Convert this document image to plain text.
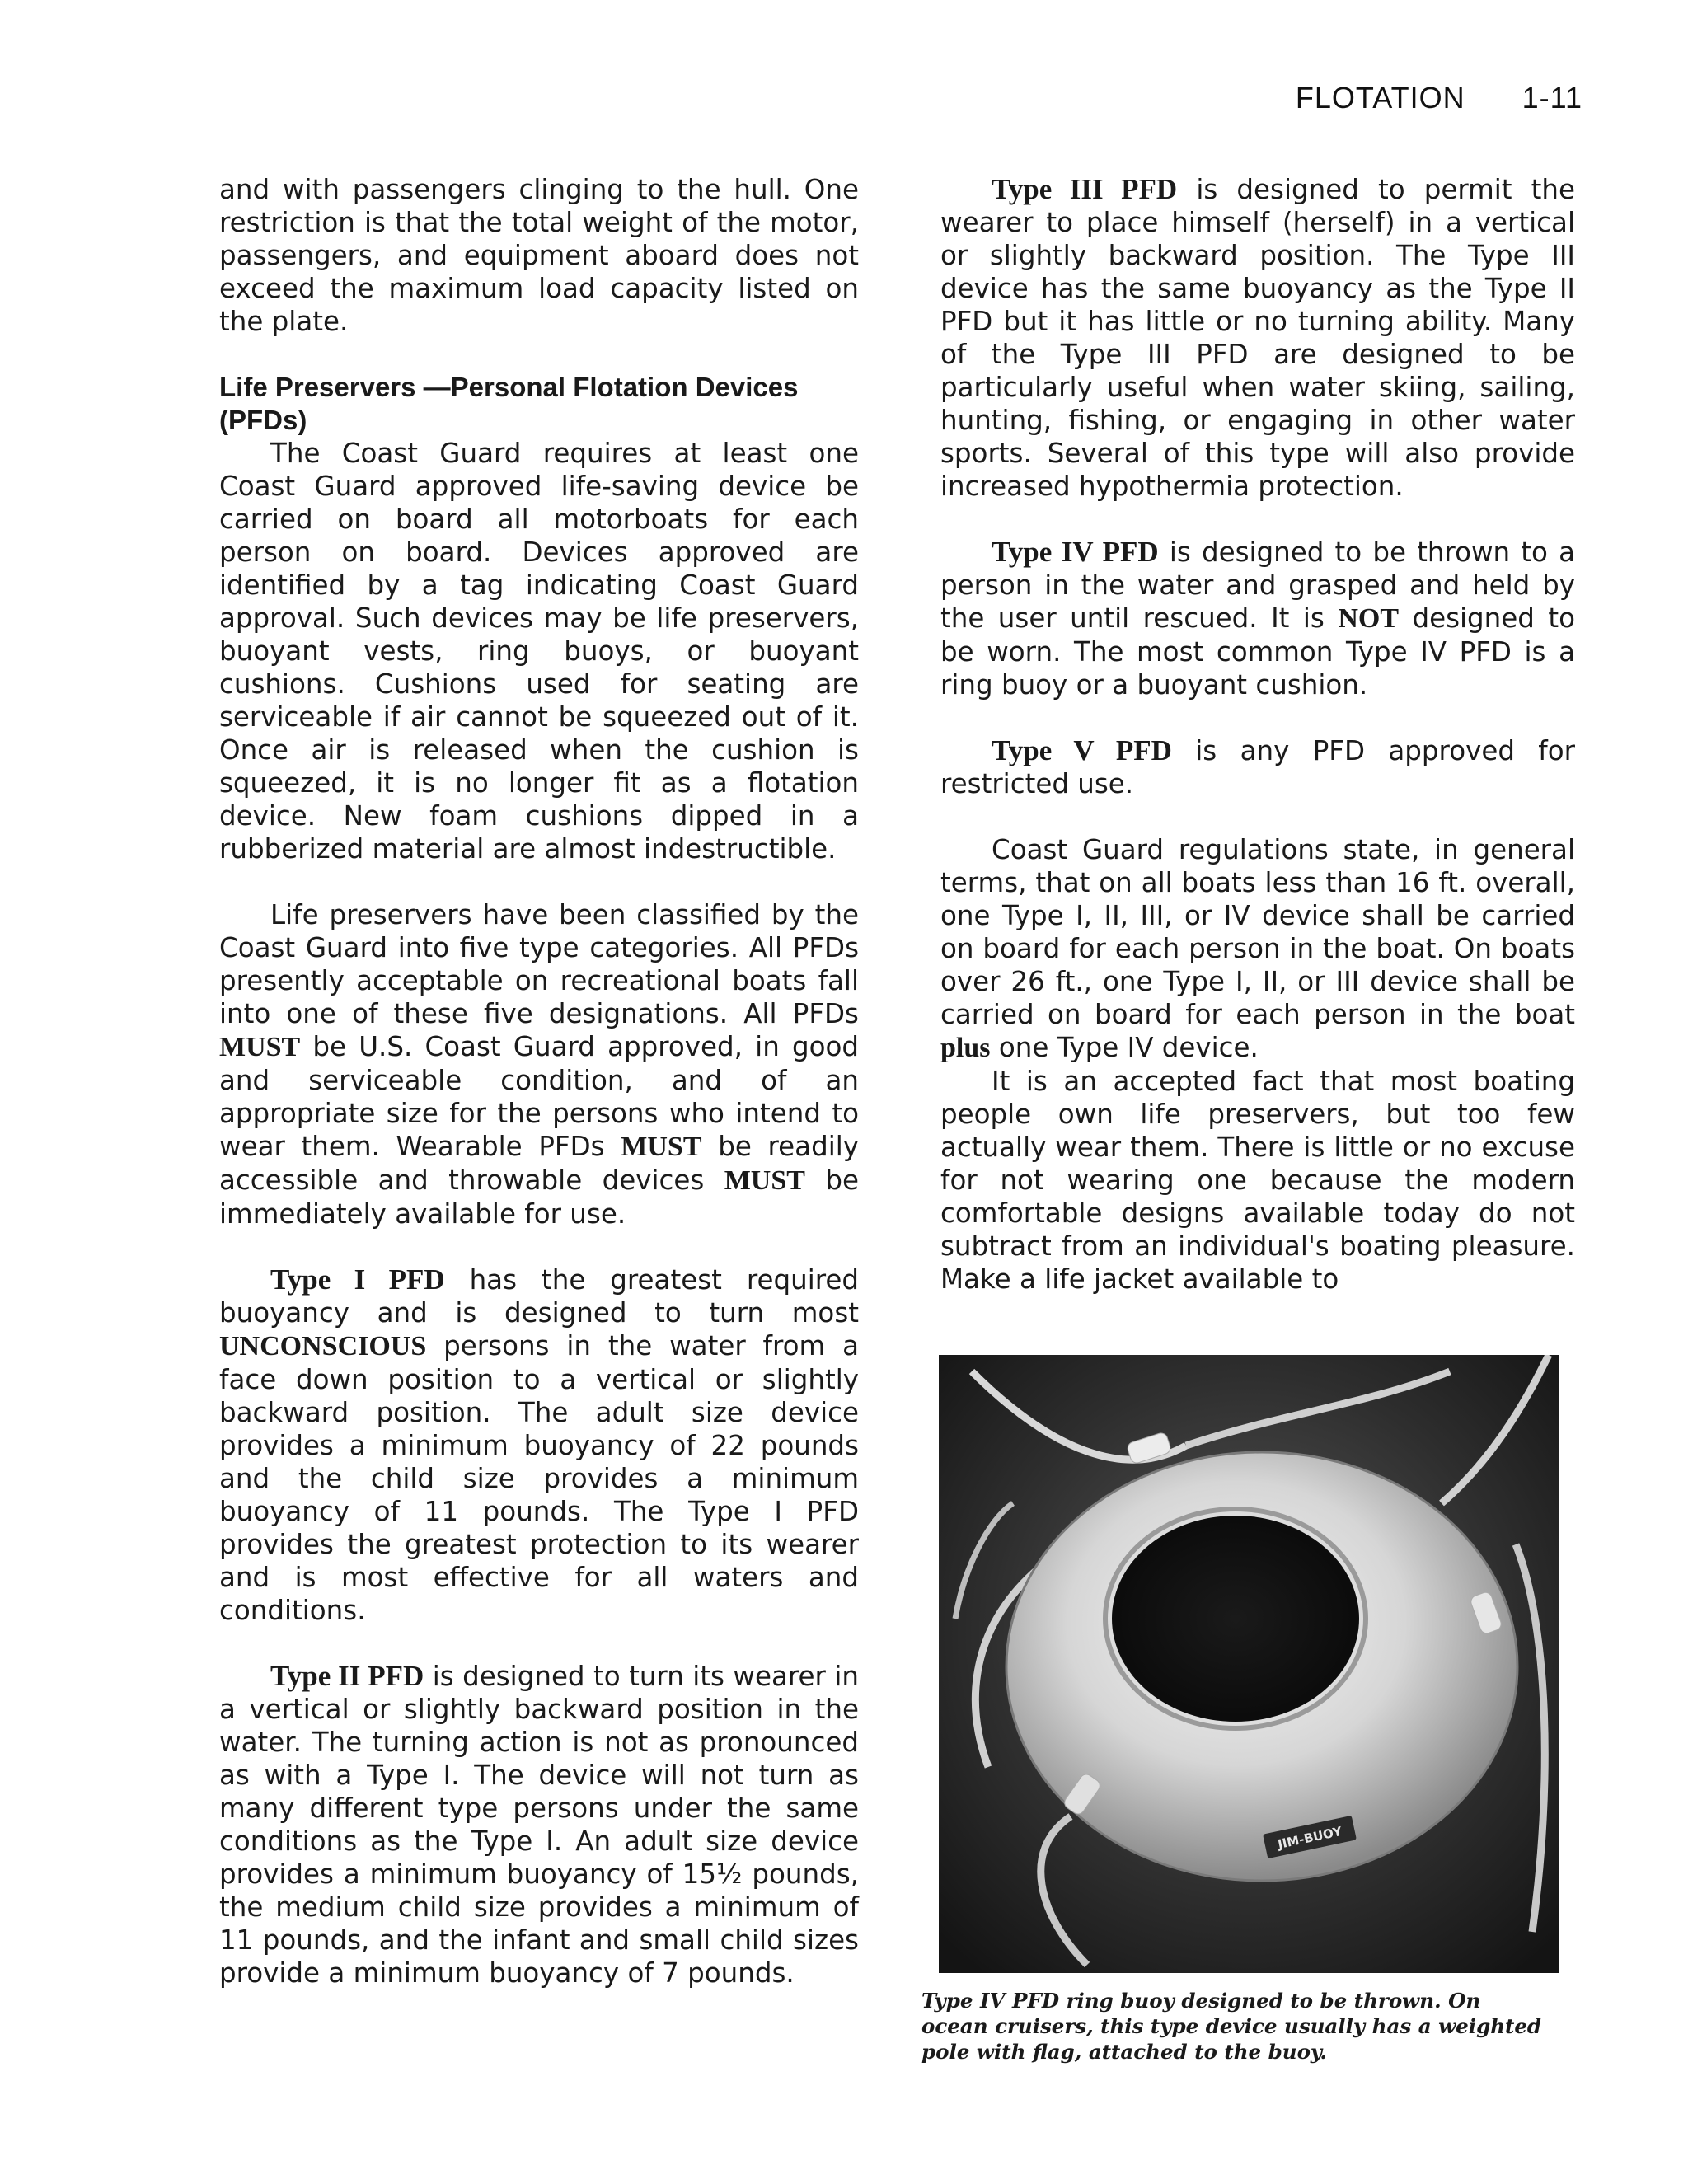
FLOTATION 1-11

and with passengers clinging to the hull. One restriction is that the total weight of the motor, passengers, and equipment aboard does not exceed the maximum load capacity listed on the plate.

Life Preservers —Personal Flotation Devices (PFDs)

The Coast Guard requires at least one Coast Guard approved life-saving device be carried on board all motorboats for each person on board. Devices approved are identified by a tag indicating Coast Guard approval. Such devices may be life preservers, buoyant vests, ring buoys, or buoyant cushions. Cushions used for seating are serviceable if air cannot be squeezed out of it. Once air is released when the cushion is squeezed, it is no longer fit as a flotation device. New foam cushions dipped in a rubberized material are almost indestructible.

Life preservers have been classified by the Coast Guard into five type categories. All PFDs presently acceptable on recreational boats fall into one of these five designations. All PFDs MUST be U.S. Coast Guard approved, in good and serviceable condition, and of an appropriate size for the persons who intend to wear them. Wearable PFDs MUST be readily accessible and throwable devices MUST be immediately available for use.

Type I PFD has the greatest required buoyancy and is designed to turn most UNCONSCIOUS persons in the water from a face down position to a vertical or slightly backward position. The adult size device provides a minimum buoyancy of 22 pounds and the child size provides a minimum buoyancy of 11 pounds. The Type I PFD provides the greatest protection to its wearer and is most effective for all waters and conditions.

Type II PFD is designed to turn its wearer in a vertical or slightly backward position in the water. The turning action is not as pronounced as with a Type I. The device will not turn as many different type persons under the same conditions as the Type I. An adult size device provides a minimum buoyancy of 15½ pounds, the medium child size provides a minimum of 11 pounds, and the infant and small child sizes provide a minimum buoyancy of 7 pounds.

Type III PFD is designed to permit the wearer to place himself (herself) in a vertical or slightly backward position. The Type III device has the same buoyancy as the Type II PFD but it has little or no turning ability. Many of the Type III PFD are designed to be particularly useful when water skiing, sailing, hunting, fishing, or engaging in other water sports. Several of this type will also provide increased hypothermia protection.

Type IV PFD is designed to be thrown to a person in the water and grasped and held by the user until rescued. It is NOT designed to be worn. The most common Type IV PFD is a ring buoy or a buoyant cushion.

Type V PFD is any PFD approved for restricted use.

Coast Guard regulations state, in general terms, that on all boats less than 16 ft. overall, one Type I, II, III, or IV device shall be carried on board for each person in the boat. On boats over 26 ft., one Type I, II, or III device shall be carried on board for each person in the boat plus one Type IV device.

It is an accepted fact that most boating people own life preservers, but too few actually wear them. There is little or no excuse for not wearing one because the modern comfortable designs available today do not subtract from an individual's boating pleasure. Make a life jacket available to

JIM-BUOY
Type IV PFD ring buoy designed to be thrown. On
ocean cruisers, this type device usually has a weighted pole with flag, attached to the buoy.
